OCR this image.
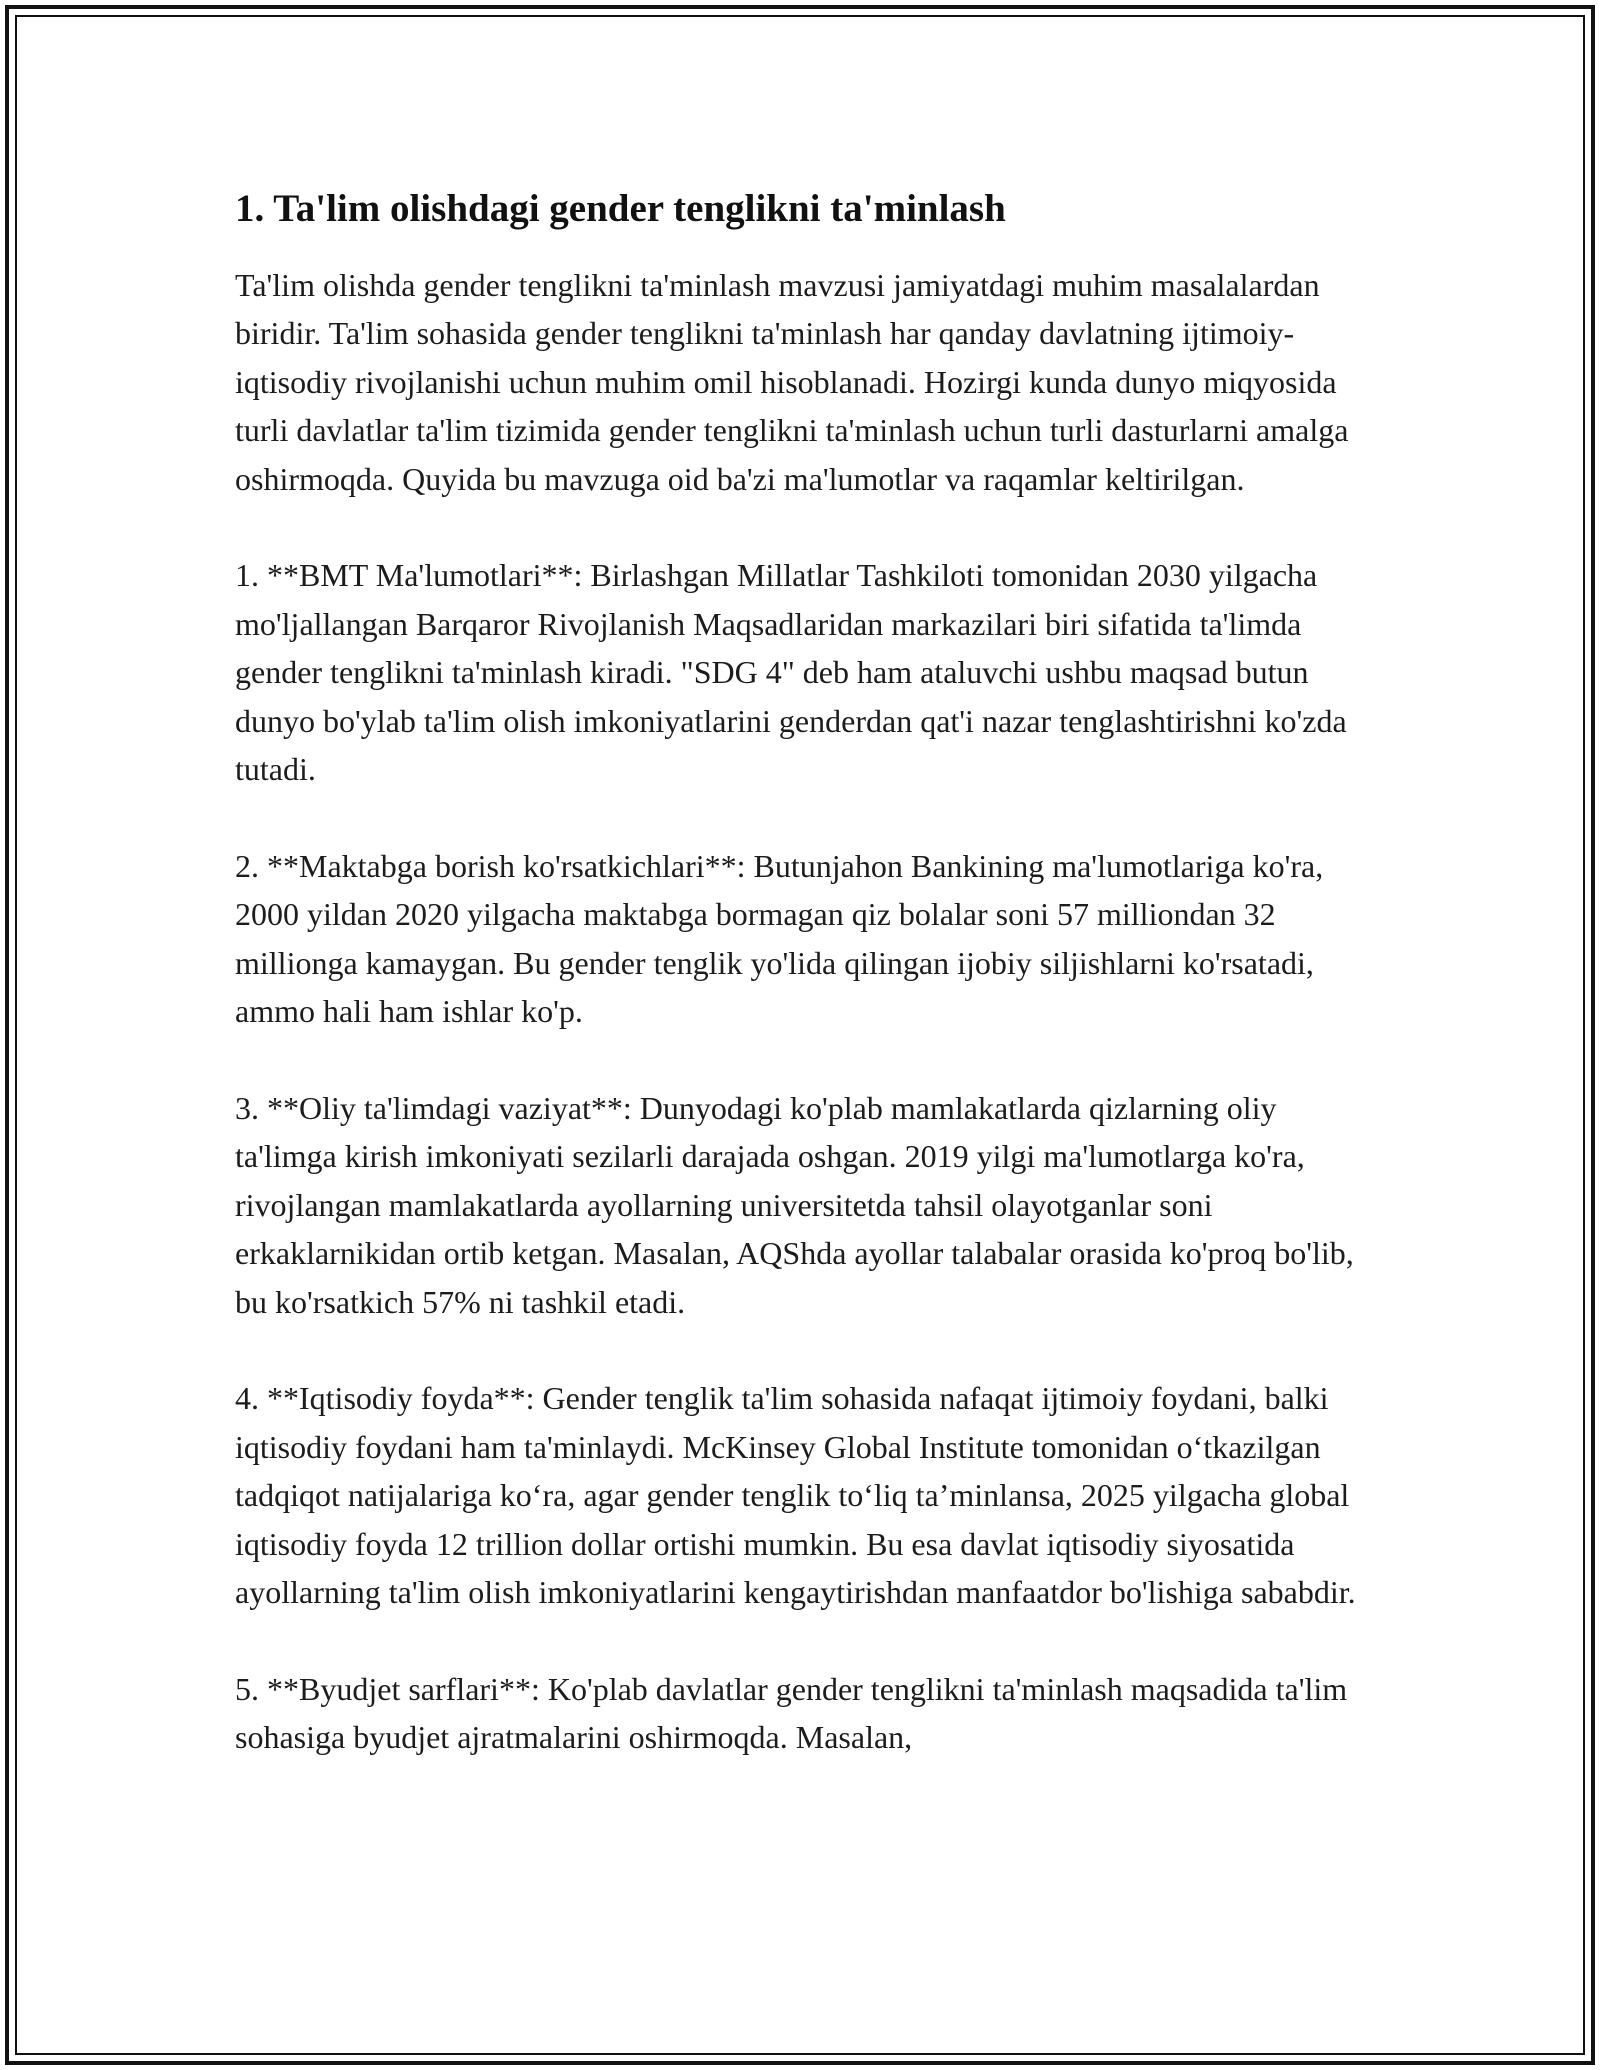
1. Ta'lim olishdagi gender tenglikni ta'minlash

Ta'lim olishda gender tenglikni ta'minlash mavzusi jamiyatdagi muhim masalalardan biridir. Ta'lim sohasida gender tenglikni ta'minlash har qanday davlatning ijtimoiy-iqtisodiy rivojlanishi uchun muhim omil hisoblanadi. Hozirgi kunda dunyo miqyosida turli davlatlar ta'lim tizimida gender tenglikni ta'minlash uchun turli dasturlarni amalga oshirmoqda. Quyida bu mavzuga oid ba'zi ma'lumotlar va raqamlar keltirilgan.

1. **BMT Ma'lumotlari**: Birlashgan Millatlar Tashkiloti tomonidan 2030 yilgacha mo'ljallangan Barqaror Rivojlanish Maqsadlaridan markazilari biri sifatida ta'limda gender tenglikni ta'minlash kiradi. "SDG 4" deb ham ataluvchi ushbu maqsad butun dunyo bo'ylab ta'lim olish imkoniyatlarini genderdan qat'i nazar tenglashtirishni ko'zda tutadi.

2. **Maktabga borish ko'rsatkichlari**: Butunjahon Bankining ma'lumotlariga ko'ra, 2000 yildan 2020 yilgacha maktabga bormagan qiz bolalar soni 57 milliondan 32 millionga kamaygan. Bu gender tenglik yo'lida qilingan ijobiy siljishlarni ko'rsatadi, ammo hali ham ishlar ko'p.

3. **Oliy ta'limdagi vaziyat**: Dunyodagi ko'plab mamlakatlarda qizlarning oliy ta'limga kirish imkoniyati sezilarli darajada oshgan. 2019 yilgi ma'lumotlarga ko'ra, rivojlangan mamlakatlarda ayollarning universitetda tahsil olayotganlar soni erkaklarnikidan ortib ketgan. Masalan, AQShda ayollar talabalar orasida ko'proq bo'lib, bu ko'rsatkich 57% ni tashkil etadi.

4. **Iqtisodiy foyda**: Gender tenglik ta'lim sohasida nafaqat ijtimoiy foydani, balki iqtisodiy foydani ham ta'minlaydi. McKinsey Global Institute tomonidan o‘tkazilgan tadqiqot natijalariga ko‘ra, agar gender tenglik to‘liq ta’minlansa, 2025 yilgacha global iqtisodiy foyda 12 trillion dollar ortishi mumkin. Bu esa davlat iqtisodiy siyosatida ayollarning ta'lim olish imkoniyatlarini kengaytirishdan manfaatdor bo'lishiga sababdir.

5. **Byudjet sarflari**: Ko'plab davlatlar gender tenglikni ta'minlash maqsadida ta'lim sohasiga byudjet ajratmalarini oshirmoqda. Masalan,
